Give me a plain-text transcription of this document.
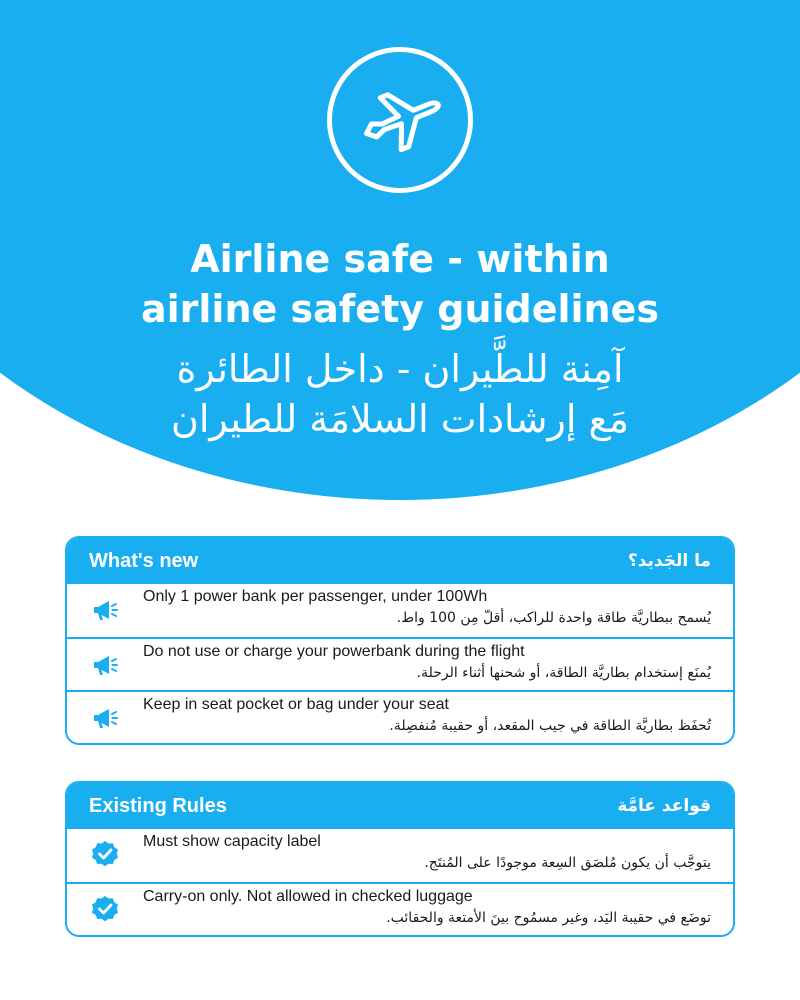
Airline safe - within
airline safety guidelines
آمِنة للطَّيران - داخل الطائرة
مَع إرشادات السلامَة للطيران
What's new	ما الجَديد؟
Only 1 power bank per passenger, under 100Wh
يُسمح ببطاريَّة طاقة واحدة للراكب، أقلّ مِن 100 واط.
Do not use or charge your powerbank during the flight
يُمنَع إستخدام بطاريَّة الطاقة، أو شحنها أثناء الرحلة.
Keep in seat pocket or bag under your seat
تُحفَظ بطاريَّة الطاقة في جيب المقعد، أو حقيبة مُنفصِلة.
Existing Rules	قواعد عامَّة
Must show capacity label
يتوجَّب أن يكون مُلصَق السِعة موجودًا على المُنتَج.
Carry-on only. Not allowed in checked luggage
توضَع في حقيبة اليَد، وغير مسمُوح بينَ الأمتعة والحقائب.
